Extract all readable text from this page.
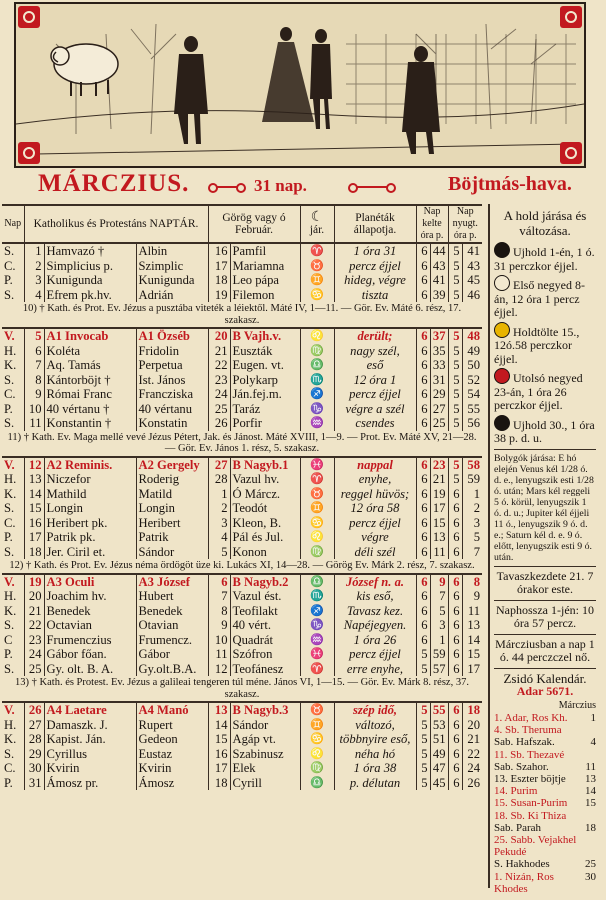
MÁRCZIUS.	31 nap.	Böjtmás-hava.
Nap	Katholikus és Protestáns NAPTÁR.			Görög vagy ó Február.		☾
jár.	Planéták állapotja.	Nap kelte óra p.		Nap nyugt. óra p.	
S.	1	Hamvazó †	Albin	16	Pamfil	♈	1 óra 31	6	44	5	41
C.	2	Simplicius p.	Szimplic	17	Mariamna	♉	percz éjjel	6	43	5	43
P.	3	Kunigunda	Kunigunda	18	Leo pápa	♊	hideg, végre	6	41	5	45
S.	4	Efrem pk.hv.	Adrián	19	Filemon	♋	tiszta	6	39	5	46
10) † Kath. és Prot. Ev. Jézus a pusztába viteték a léiektől. Máté IV, 1—11. — Gör. Ev. Máté 6. rész, 17. szakasz.											
V.	5	A1 Invocab	A1 Özséb	20	B Vajh.v.	♌	derült;	6	37	5	48
H.	6	Koléta	Fridolin	21	Euszták	♍	nagy szél,	6	35	5	49
K.	7	Aq. Tamás	Perpetua	22	Eugen. vt.	♎	eső	6	33	5	50
S.	8	Kántorböjt †	Ist. János	23	Polykarp	♏	12 óra 1	6	31	5	52
C.	9	Római Franc	Francziska	24	Ján.fej.m.	♐	percz éjjel	6	29	5	54
P.	10	40 vértanu †	40 vértanu	25	Taráz	♑	végre a szél	6	27	5	55
S.	11	Konstantin †	Konstatin	26	Porfir	♒	csendes	6	25	5	56
11) † Kath. Ev. Maga mellé vevé Jézus Pétert, Jak. és Jánost. Máté XVIII, 1—9. — Prot. Ev. Máté XV, 21—28. — Gör. Ev. János 1. rész, 5. szakasz.											
V.	12	A2 Reminis.	A2 Gergely	27	B Nagyb.1	♓	nappal	6	23	5	58
H.	13	Niczefor	Roderig	28	Vazul hv.	♈	enyhe,	6	21	5	59
K.	14	Mathild	Matild	1	Ó Márcz.	♉	reggel hüvös;	6	19	6	1
S.	15	Longin	Longin	2	Teodót	♊	12 óra 58	6	17	6	2
C.	16	Heribert pk.	Heribert	3	Kleon, B.	♋	percz éjjel	6	15	6	3
P.	17	Patrik pk.	Patrik	4	Pál és Jul.	♌	végre	6	13	6	5
S.	18	Jer. Ciril et.	Sándor	5	Konon	♍	déli szél	6	11	6	7
12) † Kath. és Prot. Ev. Jézus néma ördögöt üze ki. Lukács XI, 14—28. — Görög Ev. Márk 2. rész, 7. szakasz.											
V.	19	A3 Oculi	A3 József	6	B Nagyb.2	♎	József n. a.	6	9	6	8
H.	20	Joachim hv.	Hubert	7	Vazul ést.	♏	kis eső,	6	7	6	9
K.	21	Benedek	Benedek	8	Teofilakt	♐	Tavasz kez.	6	5	6	11
S.	22	Octavian	Otavian	9	40 vért.	♑	Napéjegyen.	6	3	6	13
C	23	Frumenczius	Frumencz.	10	Quadrát	♒	1 óra 26	6	1	6	14
P.	24	Gábor főan.	Gábor	11	Szófron	♓	percz éjjel	5	59	6	15
S.	25	Gy. olt. B. A.	Gy.olt.B.A.	12	Teofánesz	♈	erre enyhe,	5	57	6	17
13) † Kath. és Protest. Ev. Jézus a galileai tengeren túl méne. János VI, 1—15. — Gör. Ev. Márk 8. rész, 37. szakasz.											
V.	26	A4 Laetare	A4 Manó	13	B Nagyb.3	♉	szép idő,	5	55	6	18
H.	27	Damaszk. J.	Rupert	14	Sándor	♊	változó,	5	53	6	20
K.	28	Kapist. Ján.	Gedeon	15	Agáp vt.	♋	többnyire eső,	5	51	6	21
S.	29	Cyrillus	Eustaz	16	Szabinusz	♌	néha hó	5	49	6	22
C.	30	Kvirin	Kvirin	17	Elek	♍	1 óra 38	5	47	6	24
P.	31	Ámosz pr.	Ámosz	18	Cyrill	♎	p. délutan	5	45	6	26
A hold járása és változása.
Ujhold 1-én, 1 ó. 31 perczkor éjjel.
Első negyed 8-án, 12 óra 1 percz éjjel.
Holdtölte 15., 12ó.58 perczkor éjjel.
Utolsó negyed 23-án, 1 óra 26 perczkor éjjel.
Ujhold 30., 1 óra 38 p. d. u.
Bolygók járása: E hó elején Venus kél 1/28 ó. d. e., lenyugszik esti 1/28 ó. után; Mars kél reggeli 5 ó. körül, lenyugszik 1 ó. d. u.; Jupiter kél éjjeli 11 ó., lenyugszik 9 ó. d. e.; Saturn kél d. e. 9 ó. előtt, lenyugszik esti 9 ó. után.
Tavaszkezdete 21. 7 órakor este.
Naphossza 1-jén: 10 óra 57 percz.
Márcziusban a nap 1 ó. 44 perczczel nő.
Zsidó Kalendár.
Adar 5671.
Márczius
1. Adar, Ros Kh. 1
4. Sb. Theruma
Sab. Hafszak.	4
11. Sb. Thezavé
Sab. Szahor.	11
13. Eszter böjtje 13
14. Purim	14
15. Susan-Purim 15
18. Sb. Ki Thiza
Sab. Parah	18
25. Sabb. Vejakhel Pekudé
S. Hakhodes	25
1. Nizán, Ros Khodes
30
